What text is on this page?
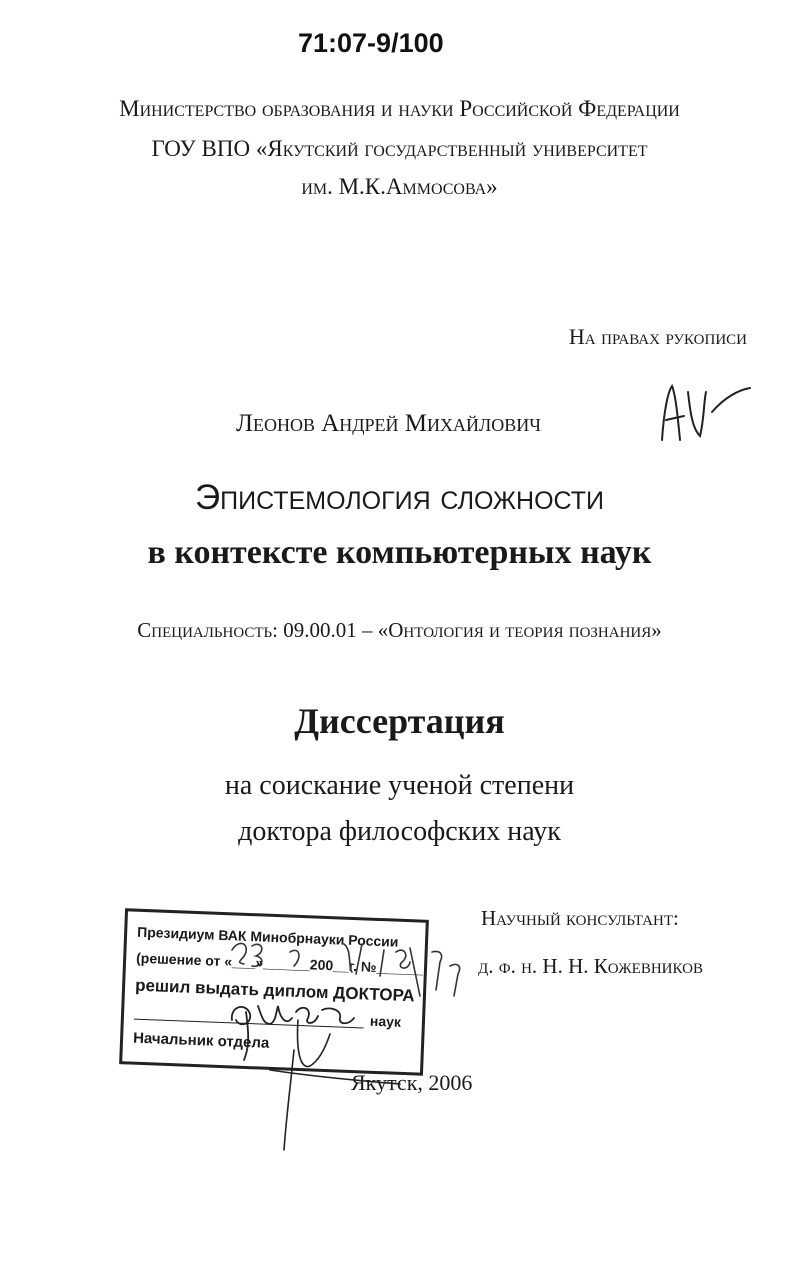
71:07-9/100
Министерство образования и науки Российской Федерации
ГОУ ВПО «Якутский государственный университет
им. М.К.Аммосова»
На правах рукописи
Леонов Андрей Михайлович
Эпистемология сложности
в контексте компьютерных наук
Специальность: 09.00.01 – «Онтология и теория познания»
Диссертация
на соискание ученой степени
доктора философских наук
Научный консультант:
д. ф. н. Н. Н. Кожевников
Якутск, 2006
Президиум ВАК Минобрнауки России
(решение от «___»______200__г. №______
решил выдать диплом ДОКТОРА
наук
Начальник отдела
